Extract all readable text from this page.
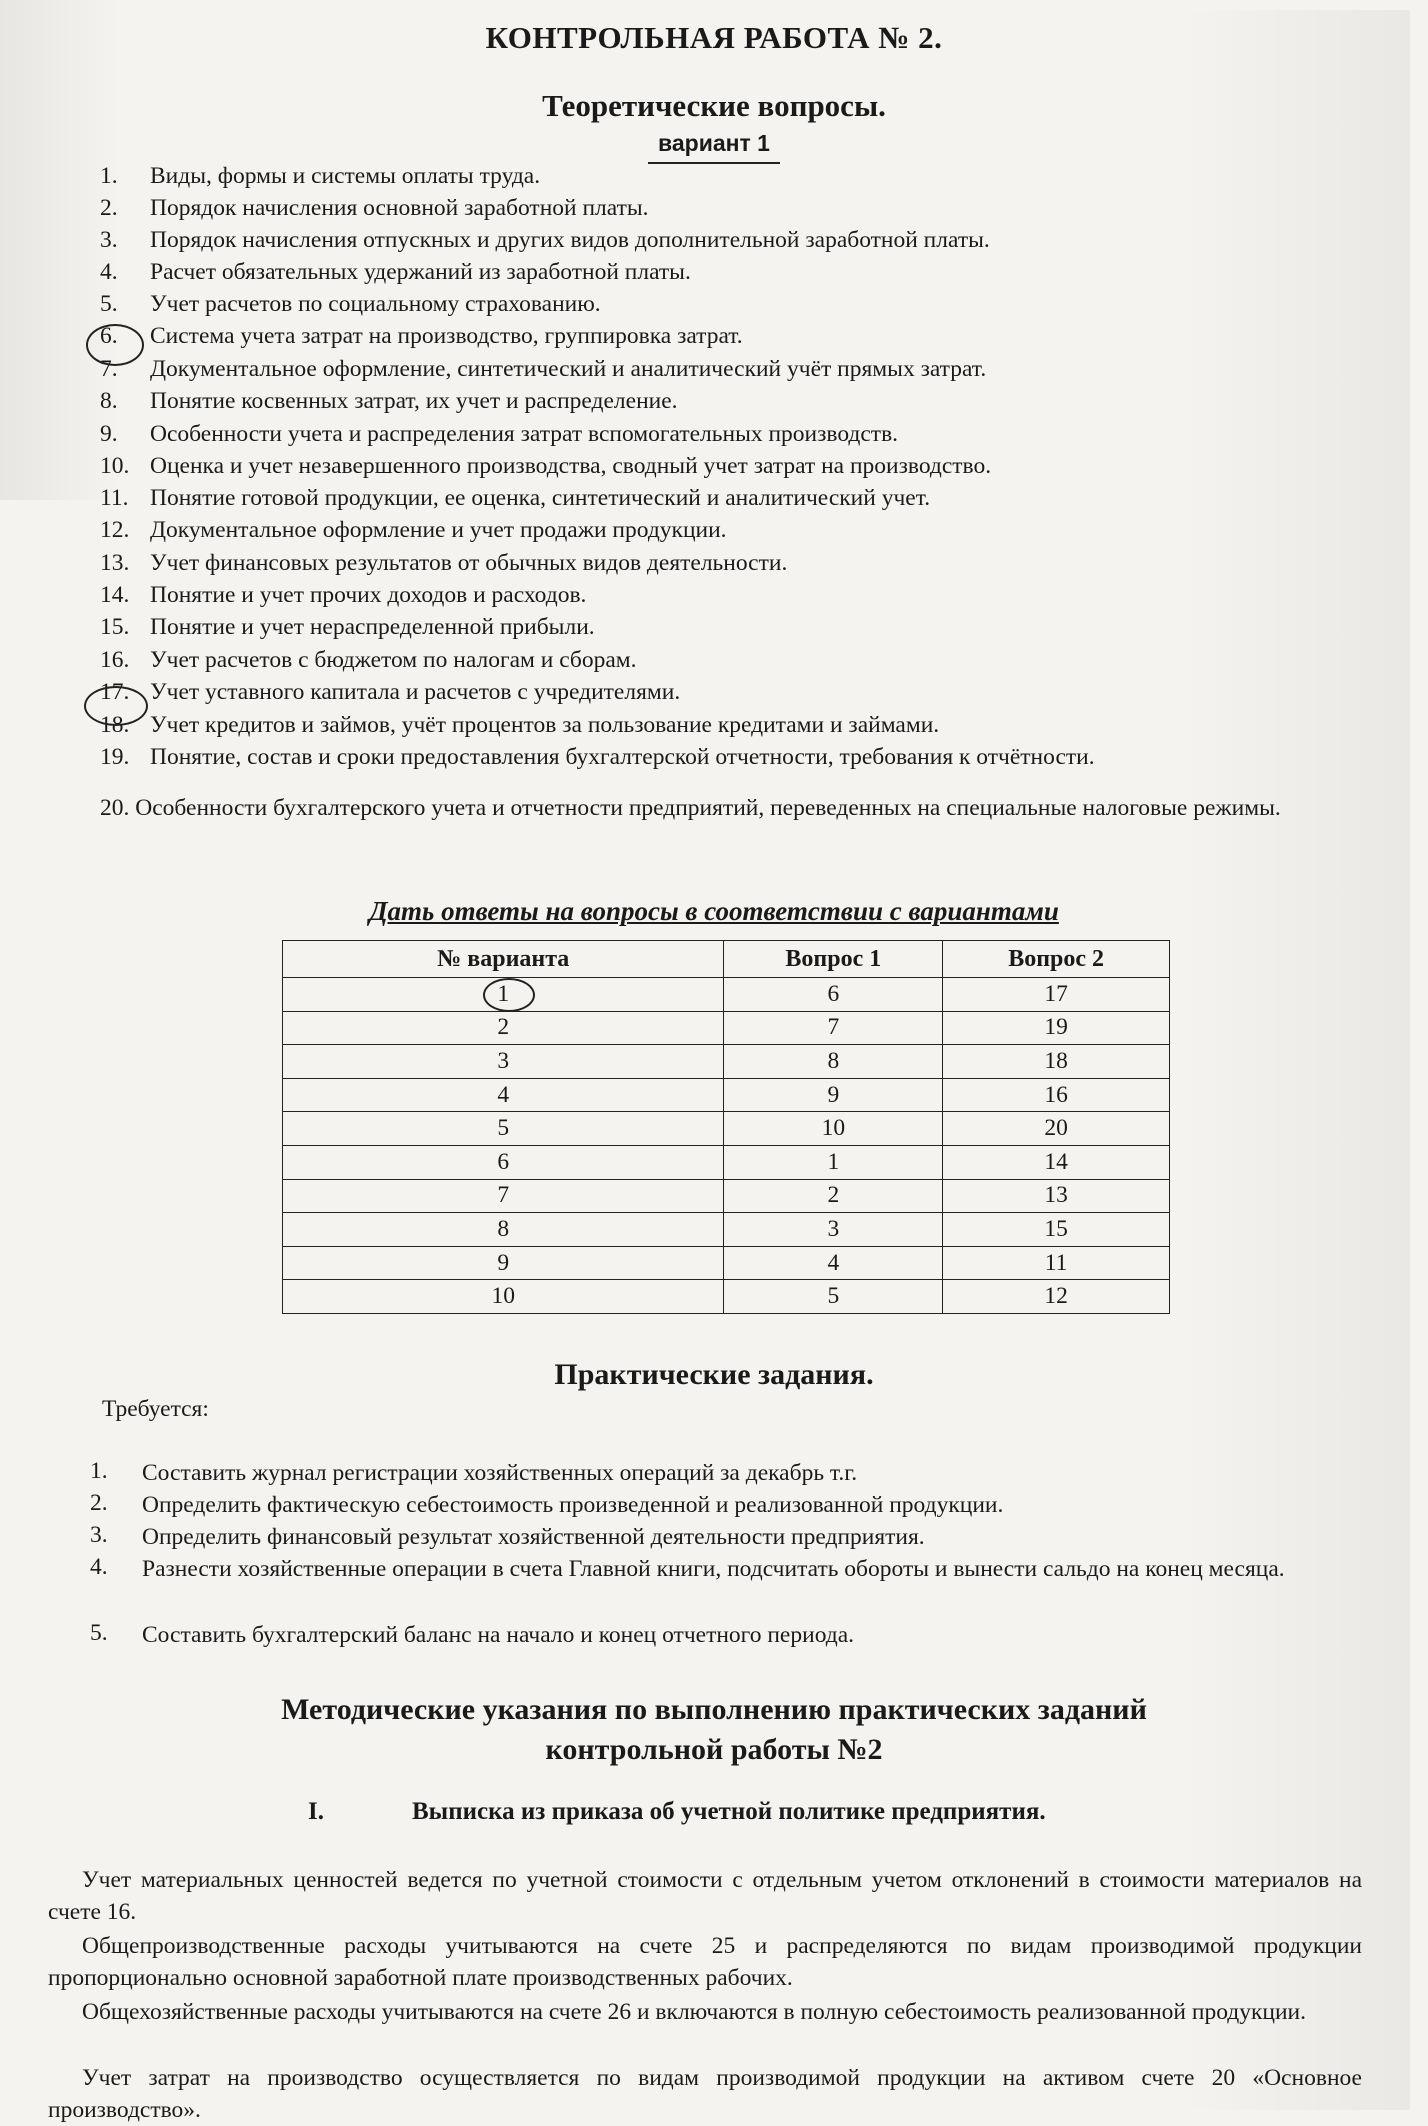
КОНТРОЛЬНАЯ РАБОТА № 2.
Теоретические вопросы.
вариант 1
1. Виды, формы и системы оплаты труда.
2. Порядок начисления основной заработной платы.
3. Порядок начисления отпускных и других видов дополнительной заработной платы.
4. Расчет обязательных удержаний из заработной платы.
5. Учет расчетов по социальному страхованию.
6. Система учета затрат на производство, группировка затрат.
7. Документальное оформление, синтетический и аналитический учёт прямых затрат.
8. Понятие косвенных затрат, их учет и распределение.
9. Особенности учета и распределения затрат вспомогательных производств.
10. Оценка и учет незавершенного производства, сводный учет затрат на производство.
11. Понятие готовой продукции, ее оценка, синтетический и аналитический учет.
12. Документальное оформление и учет продажи продукции.
13. Учет финансовых результатов от обычных видов деятельности.
14. Понятие и учет прочих доходов и расходов.
15. Понятие и учет нераспределенной прибыли.
16. Учет расчетов с бюджетом по налогам и сборам.
17. Учет уставного капитала и расчетов с учредителями.
18. Учет кредитов и займов, учёт процентов за пользование кредитами и займами.
19. Понятие, состав и сроки предоставления бухгалтерской отчетности, требования к отчётности.
20. Особенности бухгалтерского учета и отчетности предприятий, переведенных на специальные налоговые режимы.
Дать ответы на вопросы в соответствии с вариантами
№ варианта	Вопрос 1	Вопрос 2
1	6	17
2	7	19
3	8	18
4	9	16
5	10	20
6	1	14
7	2	13
8	3	15
9	4	11
10	5	12
Практические задания.
Требуется:
1. Составить журнал регистрации хозяйственных операций за декабрь т.г.
2. Определить фактическую себестоимость произведенной и реализованной продукции.
3. Определить финансовый результат хозяйственной деятельности предприятия.
4. Разнести хозяйственные операции в счета Главной книги, подсчитать обороты и вынести сальдо на конец месяца.
5. Составить бухгалтерский баланс на начало и конец отчетного периода.
Методические указания по выполнению практических заданий
контрольной работы №2
I.	Выписка из приказа об учетной политике предприятия.
Учет материальных ценностей ведется по учетной стоимости с отдельным учетом отклонений в стоимости материалов на счете 16.
Общепроизводственные расходы учитываются на счете 25 и распределяются по видам производимой продукции пропорционально основной заработной плате производственных рабочих.
Общехозяйственные расходы учитываются на счете 26 и включаются в полную себестоимость реализованной продукции.
Учет затрат на производство осуществляется по видам производимой продукции на активом счете 20 «Основное производство».
